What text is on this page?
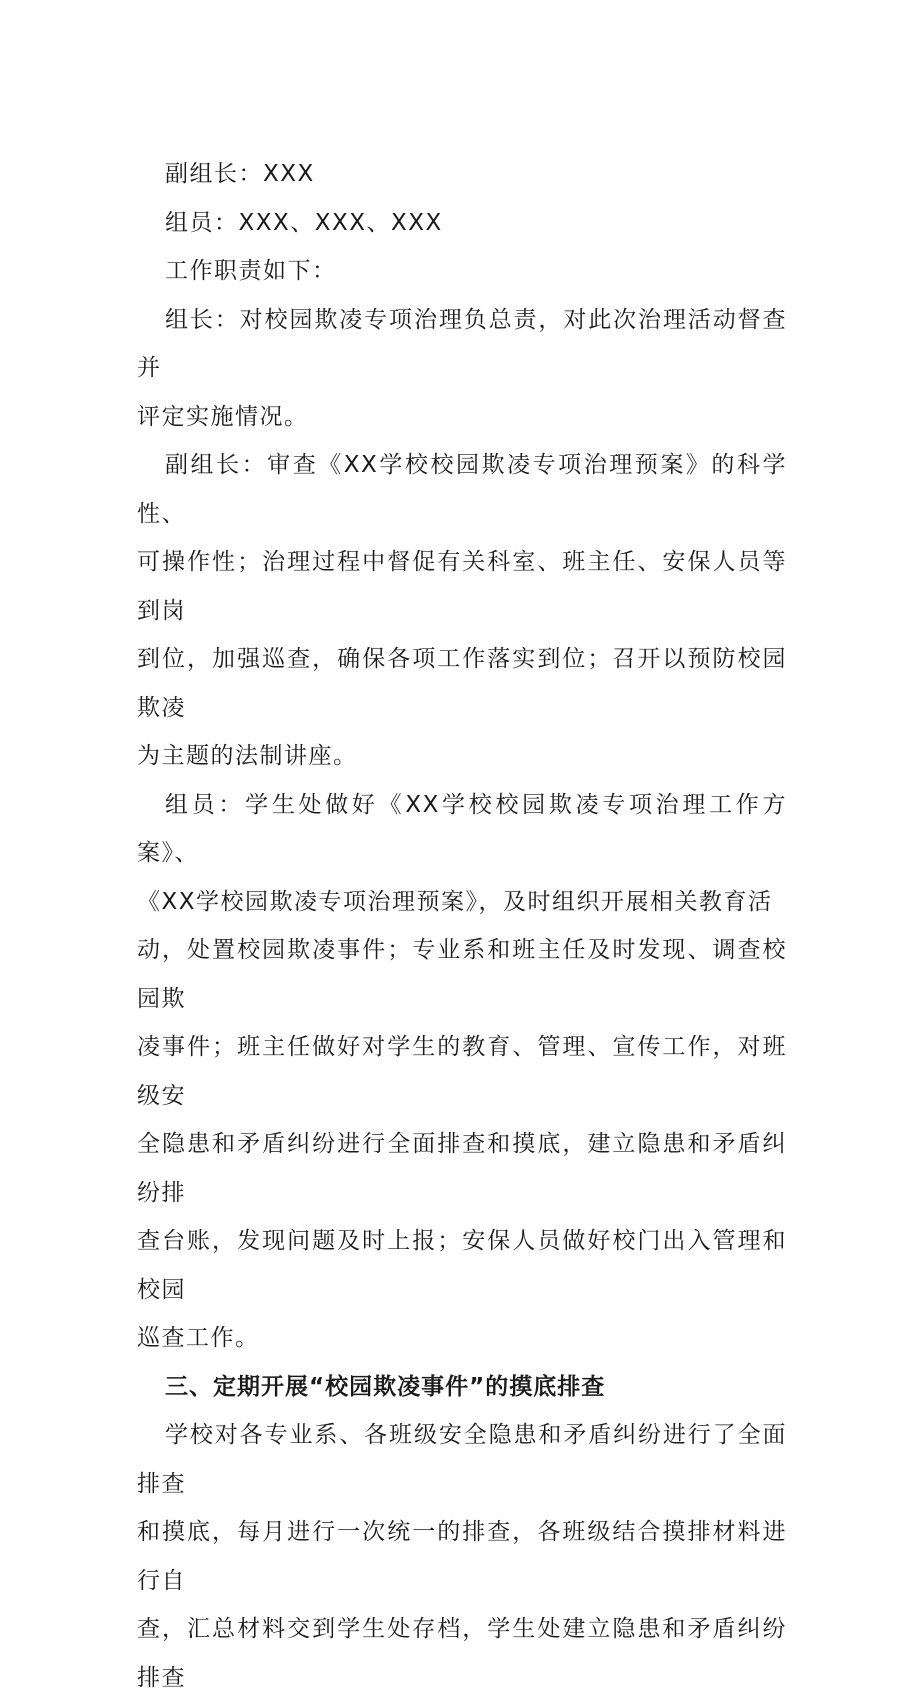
副组长：XXX

组员：XXX、XXX、XXX

工作职责如下：

组长：对校园欺凌专项治理负总责，对此次治理活动督查并
评定实施情况。

副组长：审查《XX学校校园欺凌专项治理预案》的科学性、
可操作性；治理过程中督促有关科室、班主任、安保人员等到岗
到位，加强巡查，确保各项工作落实到位；召开以预防校园欺凌
为主题的法制讲座。

组员：学生处做好《XX学校校园欺凌专项治理工作方案》、
《XX学校园欺凌专项治理预案》，及时组织开展相关教育活
动，处置校园欺凌事件；专业系和班主任及时发现、调查校园欺
凌事件；班主任做好对学生的教育、管理、宣传工作，对班级安
全隐患和矛盾纠纷进行全面排查和摸底，建立隐患和矛盾纠纷排
查台账，发现问题及时上报；安保人员做好校门出入管理和校园
巡查工作。

三、定期开展“校园欺凌事件”的摸底排查

学校对各专业系、各班级安全隐患和矛盾纠纷进行了全面排查
和摸底，每月进行一次统一的排查，各班级结合摸排材料进行自
查，汇总材料交到学生处存档，学生处建立隐患和矛盾纠纷排查
